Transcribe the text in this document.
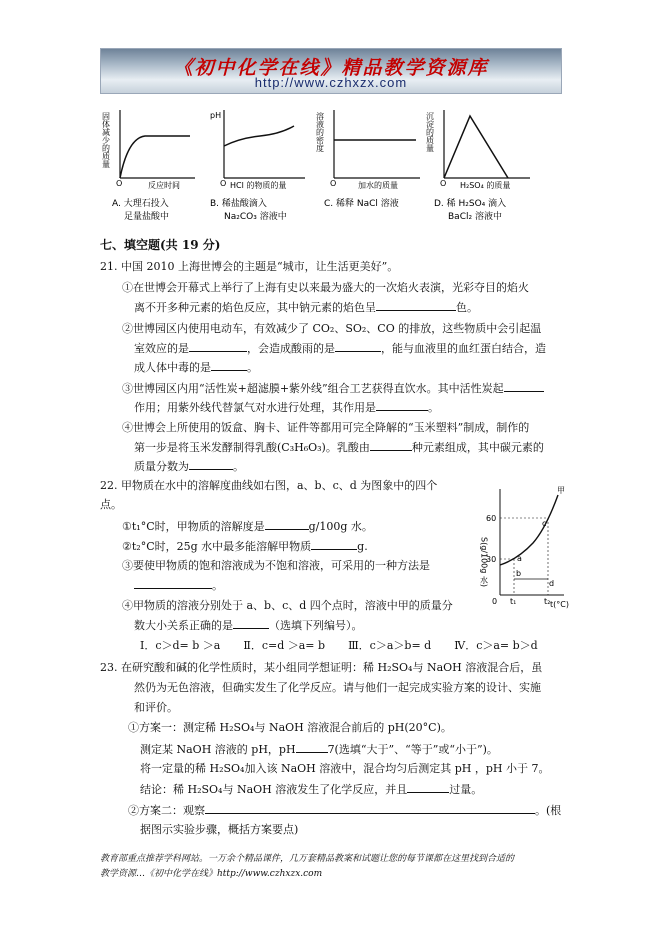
《初中化学在线》精品教学资源库
http://www.czhxzx.com
固体减少的质量
O	反应时间
A. 大理石投入
足量盐酸中
pH
O HCl 的物质的量
B. 稀盐酸滴入
Na₂CO₃ 溶液中
溶液的密度
O	加水的质量
C. 稀释 NaCl 溶液
沉淀的质量
O H₂SO₄ 的质量
D. 稀 H₂SO₄ 滴入
BaCl₂ 溶液中
七、填空题(共 19 分)
21. 中国 2010 上海世博会的主题是“城市，让生活更美好”。
①在世博会开幕式上举行了上海有史以来最为盛大的一次焰火表演，光彩夺目的焰火
离不开多种元素的焰色反应，其中钠元素的焰色呈	色。
②世博园区内使用电动车，有效减少了 CO₂、SO₂、CO 的排放，这些物质中会引起温
室效应的是	，会造成酸雨的是	，能与血液里的血红蛋白结合，造
成人体中毒的是	。
③世博园区内用“活性炭+超滤膜+紫外线”组合工艺获得直饮水。其中活性炭起
作用；用紫外线代替氯气对水进行处理，其作用是	。
④世博会上所使用的饭盒、胸卡、证件等都用可完全降解的“玉米塑料”制成，制作的
第一步是将玉米发酵制得乳酸(C₃H₆O₃)。乳酸由	种元素组成，其中碳元素的
质量分数为	。
22. 甲物质在水中的溶解度曲线如右图，a、b、c、d 为图象中的四个
点。
①t₁°C时，甲物质的溶解度是	g/100g 水。
②t₂°C时，25g 水中最多能溶解甲物质	g.
③要使甲物质的饱和溶液成为不饱和溶液，可采用的一种方法是
。
④甲物质的溶液分别处于 a、b、c、d 四个点时，溶液中甲的质量分
数大小关系正确的是	（选填下列编号）。
Ⅰ．c＞d= b ＞a Ⅱ．c=d ＞a= b Ⅲ．c＞a＞b= d Ⅳ．c＞a= b＞d
S(g/100g 水)
甲
60
30	a
b
c
d
0 t₁	t₂ t(°C)
23. 在研究酸和碱的化学性质时，某小组同学想证明：稀 H₂SO₄与 NaOH 溶液混合后，虽
然仍为无色溶液，但确实发生了化学反应。请与他们一起完成实验方案的设计、实施
和评价。
①方案一：测定稀 H₂SO₄与 NaOH 溶液混合前后的 pH(20°C)。
测定某 NaOH 溶液的 pH，pH	7(选填“大于”、“等于”或“小于”)。
将一定量的稀 H₂SO₄加入该 NaOH 溶液中，混合均匀后测定其 pH ，pH 小于 7。
结论：稀 H₂SO₄与 NaOH 溶液发生了化学反应，并且	过量。
②方案二：观察	。(根
据图示实验步骤，概括方案要点)
教育部重点推荐学科网站。一万余个精品课件，几万套精品教案和试题让您的每节课都在这里找到合适的
教学资源…《初中化学在线》http://www.czhxzx.com
